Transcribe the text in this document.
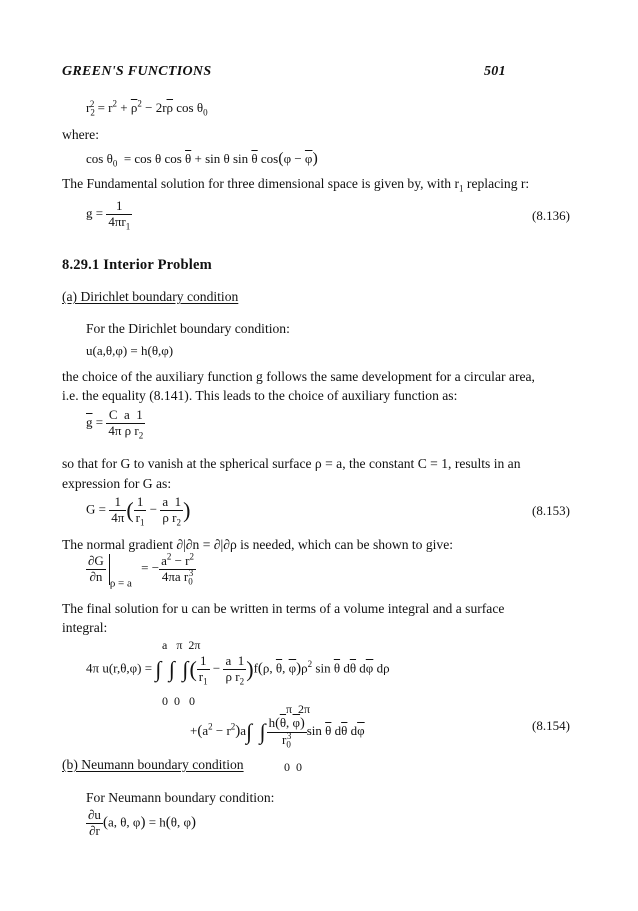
GREEN'S FUNCTIONS	501
$r_2^2 = r^2 + \overline{\rho}^2 - 2r\overline{\rho}$ $\cos \theta_0$
where:
$\cos \theta_0 = \cos \theta$ $\cos \overline{\theta} + \sin \theta$ $\sin \overline{\theta}$ $\cos(\varphi - \overline{\varphi})$
The Fundamental solution for three dimensional space is given by, with $r_1$ replacing r:
$g = \frac{1}{4\pi r_1}$	(8.136)
8.29.1 Interior Problem
(a) Dirichlet boundary condition
For the Dirichlet boundary condition:
u(a,θ,φ) = h(θ,φ)
the choice of the auxiliary function g follows the same development for a circular area,
i.e. the equality (8.141). This leads to the choice of auxiliary function as:
$\overline{g} = \frac{\text{C  a  1}}{4\pi \rho r_2}$
so that for G to vanish at the spherical surface ρ = a, the constant C = 1, results in an
expression for G as:
$G = \frac{1}{4\pi}$ ( $\frac{1}{r_1} - \frac{a 1}{\rho r_2}$ )	(8.153)
The normal gradient ∂|∂n = ∂|∂ρ is needed, which can be shown to give:
$\frac{\partial G}{\partial n} _{\rho = a}$ = − $\frac{a^2 - r^2}{4\pi a r_0^3}$
The final solution for u can be written in terms of a volume integral and a surface
integral:
a   π  2π
4π u(r,θ,φ) = ∫ ∫ ∫( $\frac{1}{r_1} - \frac{a 1}{\rho r_2} )f(\rho$, $\overline{\theta}$, $\overline{\varphi})\rho^2$ $\sin \overline{\theta}$ $d\overline{\theta}$ $d\overline{\varphi}$ dρ
0  0   0
π  2π
$+(a^2 - r^2)a\int$ ∫ $\frac{h(\overline{\theta}, \overline{\varphi})}{r_0^3}$ $\sin \overline{\theta}$ $d\overline{\theta}$ $d\overline{\varphi}$
0  0
(8.154)
(b) Neumann boundary condition
For Neumann boundary condition:
$\frac{\partial u}{\partial r} (a$, θ, φ) = h(θ, φ)
